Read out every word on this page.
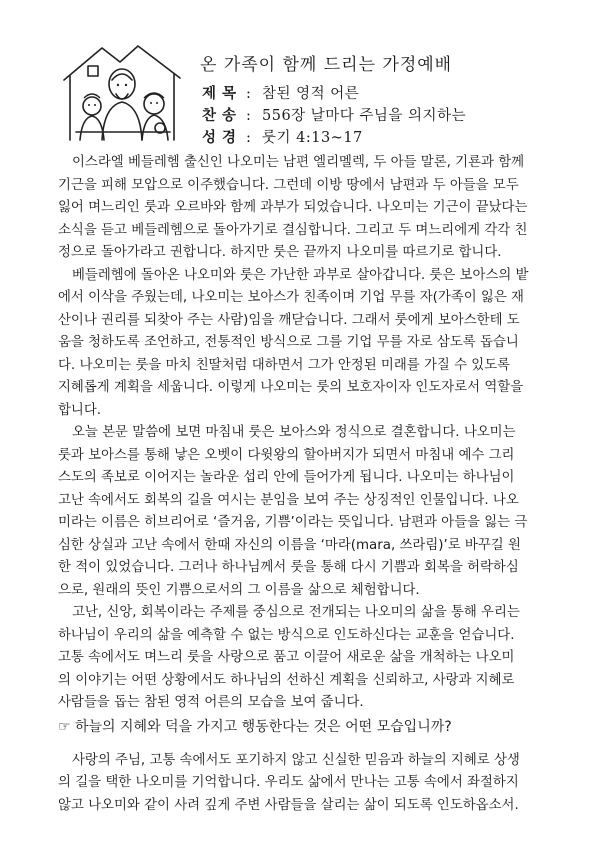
온 가족이 함께 드리는 가정예배
제 목 : 참된 영적 어른
찬 송 : 556장 날마다 주님을 의지하는
성 경 : 룻기 4:13~17
이스라엘 베들레헴 출신인 나오미는 남편 엘리멜렉, 두 아들 말론, 기룐과 함께
기근을 피해 모압으로 이주했습니다. 그런데 이방 땅에서 남편과 두 아들을 모두
잃어 며느리인 룻과 오르바와 함께 과부가 되었습니다. 나오미는 기근이 끝났다는
소식을 듣고 베들레헴으로 돌아가기로 결심합니다. 그리고 두 며느리에게 각각 친
정으로 돌아가라고 권합니다. 하지만 룻은 끝까지 나오미를 따르기로 합니다.
베들레헴에 돌아온 나오미와 룻은 가난한 과부로 살아갑니다. 룻은 보아스의 밭
에서 이삭을 주웠는데, 나오미는 보아스가 친족이며 기업 무를 자(가족이 잃은 재
산이나 권리를 되찾아 주는 사람)임을 깨닫습니다. 그래서 룻에게 보아스한테 도
움을 청하도록 조언하고, 전통적인 방식으로 그를 기업 무를 자로 삼도록 돕습니
다. 나오미는 룻을 마치 친딸처럼 대하면서 그가 안정된 미래를 가질 수 있도록
지혜롭게 계획을 세웁니다. 이렇게 나오미는 룻의 보호자이자 인도자로서 역할을
합니다.
오늘 본문 말씀에 보면 마침내 룻은 보아스와 정식으로 결혼합니다. 나오미는
룻과 보아스를 통해 낳은 오벳이 다윗왕의 할아버지가 되면서 마침내 예수 그리
스도의 족보로 이어지는 놀라운 섭리 안에 들어가게 됩니다. 나오미는 하나님이
고난 속에서도 회복의 길을 여시는 분임을 보여 주는 상징적인 인물입니다. 나오
미라는 이름은 히브리어로 ‘즐거움, 기쁨’이라는 뜻입니다. 남편과 아들을 잃는 극
심한 상실과 고난 속에서 한때 자신의 이름을 ‘마라(mara, 쓰라림)’로 바꾸길 원
한 적이 있었습니다. 그러나 하나님께서 룻을 통해 다시 기쁨과 회복을 허락하심
으로, 원래의 뜻인 기쁨으로서의 그 이름을 삶으로 체험합니다.
고난, 신앙, 회복이라는 주제를 중심으로 전개되는 나오미의 삶을 통해 우리는
하나님이 우리의 삶을 예측할 수 없는 방식으로 인도하신다는 교훈을 얻습니다.
고통 속에서도 며느리 룻을 사랑으로 품고 이끌어 새로운 삶을 개척하는 나오미
의 이야기는 어떤 상황에서도 하나님의 선하신 계획을 신뢰하고, 사랑과 지혜로
사람들을 돕는 참된 영적 어른의 모습을 보여 줍니다.
☞ 하늘의 지혜와 덕을 가지고 행동한다는 것은 어떤 모습입니까?
사랑의 주님, 고통 속에서도 포기하지 않고 신실한 믿음과 하늘의 지혜로 상생
의 길을 택한 나오미를 기억합니다. 우리도 삶에서 만나는 고통 속에서 좌절하지
않고 나오미와 같이 사려 깊게 주변 사람들을 살리는 삶이 되도록 인도하옵소서.
